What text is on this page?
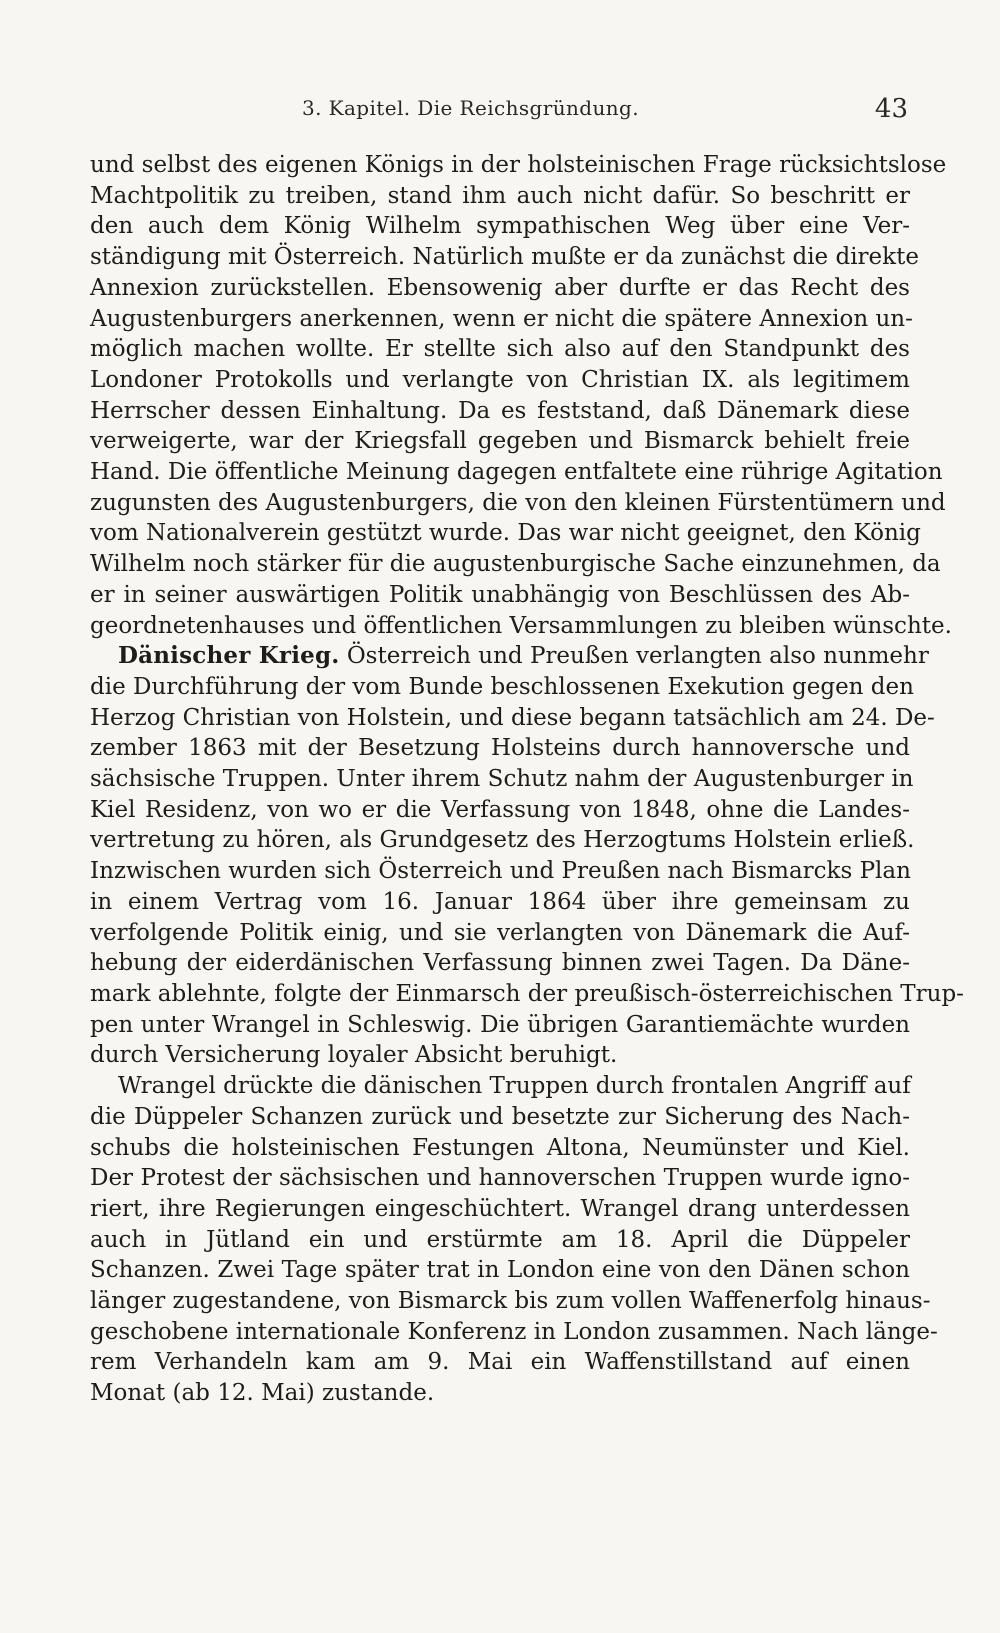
3. Kapitel. Die Reichsgründung.	43
und selbst des eigenen Königs in der holsteinischen Frage rücksichtslose
Machtpolitik zu treiben, stand ihm auch nicht dafür. So beschritt er
den auch dem König Wilhelm sympathischen Weg über eine Ver-
ständigung mit Österreich. Natürlich mußte er da zunächst die direkte
Annexion zurückstellen. Ebensowenig aber durfte er das Recht des
Augustenburgers anerkennen, wenn er nicht die spätere Annexion un-
möglich machen wollte. Er stellte sich also auf den Standpunkt des
Londoner Protokolls und verlangte von Christian IX. als legitimem
Herrscher dessen Einhaltung. Da es feststand, daß Dänemark diese
verweigerte, war der Kriegsfall gegeben und Bismarck behielt freie
Hand. Die öffentliche Meinung dagegen entfaltete eine rührige Agitation
zugunsten des Augustenburgers, die von den kleinen Fürstentümern und
vom Nationalverein gestützt wurde. Das war nicht geeignet, den König
Wilhelm noch stärker für die augustenburgische Sache einzunehmen, da
er in seiner auswärtigen Politik unabhängig von Beschlüssen des Ab-
geordnetenhauses und öffentlichen Versammlungen zu bleiben wünschte.
Dänischer Krieg. Österreich und Preußen verlangten also nunmehr
die Durchführung der vom Bunde beschlossenen Exekution gegen den
Herzog Christian von Holstein, und diese begann tatsächlich am 24. De-
zember 1863 mit der Besetzung Holsteins durch hannoversche und
sächsische Truppen. Unter ihrem Schutz nahm der Augustenburger in
Kiel Residenz, von wo er die Verfassung von 1848, ohne die Landes-
vertretung zu hören, als Grundgesetz des Herzogtums Holstein erließ.
Inzwischen wurden sich Österreich und Preußen nach Bismarcks Plan
in einem Vertrag vom 16. Januar 1864 über ihre gemeinsam zu
verfolgende Politik einig, und sie verlangten von Dänemark die Auf-
hebung der eiderdänischen Verfassung binnen zwei Tagen. Da Däne-
mark ablehnte, folgte der Einmarsch der preußisch-österreichischen Trup-
pen unter Wrangel in Schleswig. Die übrigen Garantiemächte wurden
durch Versicherung loyaler Absicht beruhigt.
Wrangel drückte die dänischen Truppen durch frontalen Angriff auf
die Düppeler Schanzen zurück und besetzte zur Sicherung des Nach-
schubs die holsteinischen Festungen Altona, Neumünster und Kiel.
Der Protest der sächsischen und hannoverschen Truppen wurde igno-
riert, ihre Regierungen eingeschüchtert. Wrangel drang unterdessen
auch in Jütland ein und erstürmte am 18. April die Düppeler
Schanzen. Zwei Tage später trat in London eine von den Dänen schon
länger zugestandene, von Bismarck bis zum vollen Waffenerfolg hinaus-
geschobene internationale Konferenz in London zusammen. Nach länge-
rem Verhandeln kam am 9. Mai ein Waffenstillstand auf einen
Monat (ab 12. Mai) zustande.
